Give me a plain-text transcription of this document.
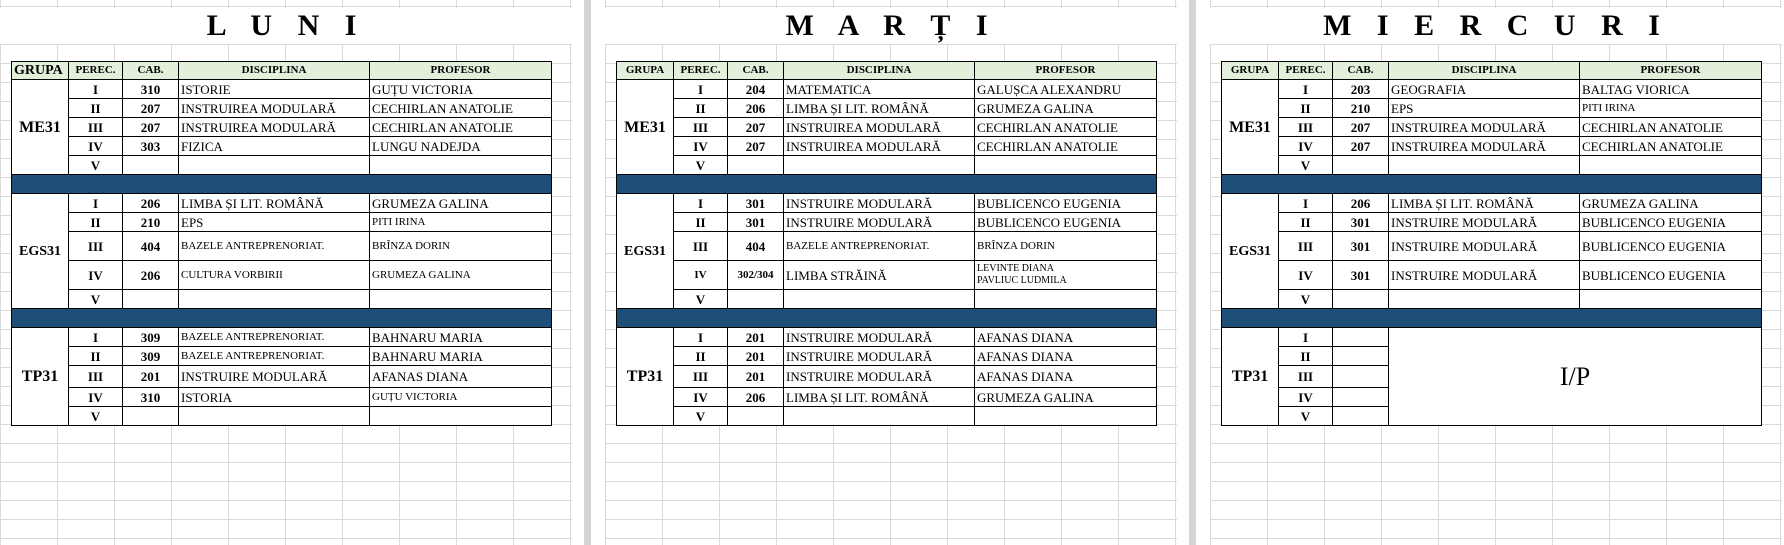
L U N I
GRUPA	PEREC.	CAB.	DISCIPLINA	PROFESOR
ME31	I	310	ISTORIE	GUȚU VICTORIA
	II	207	INSTRUIREA MODULARĂ	CECHIRLAN ANATOLIE
	III	207	INSTRUIREA MODULARĂ	CECHIRLAN ANATOLIE
	IV	303	FIZICA	LUNGU NADEJDA
	V			

EGS31	I	206	LIMBA ȘI LIT. ROMÂNĂ	GRUMEZA GALINA
	II	210	EPS	PITI IRINA
	III	404	BAZELE ANTREPRENORIAT.	BRÎNZA DORIN
	IV	206	CULTURA VORBIRII	GRUMEZA GALINA
	V			

TP31	I	309	BAZELE ANTREPRENORIAT.	BAHNARU MARIA
	II	309	BAZELE ANTREPRENORIAT.	BAHNARU MARIA
	III	201	INSTRUIRE MODULARĂ	AFANAS DIANA
	IV	310	ISTORIA	GUȚU VICTORIA
	V			
M A R Ț I
GRUPA	PEREC.	CAB.	DISCIPLINA	PROFESOR
ME31	I	204	MATEMATICA	GALUȘCA ALEXANDRU
	II	206	LIMBA ȘI LIT. ROMÂNĂ	GRUMEZA GALINA
	III	207	INSTRUIREA MODULARĂ	CECHIRLAN ANATOLIE
	IV	207	INSTRUIREA MODULARĂ	CECHIRLAN ANATOLIE
	V			

EGS31	I	301	INSTRUIRE MODULARĂ	BUBLICENCO EUGENIA
	II	301	INSTRUIRE MODULARĂ	BUBLICENCO EUGENIA
	III	404	BAZELE ANTREPRENORIAT.	BRÎNZA DORIN
	IV	302/304	LIMBA STRĂINĂ	LEVINTE DIANA
PAVLIUC LUDMILA

	V			

TP31	I	201	INSTRUIRE MODULARĂ	AFANAS DIANA
	II	201	INSTRUIRE MODULARĂ	AFANAS DIANA
	III	201	INSTRUIRE MODULARĂ	AFANAS DIANA
	IV	206	LIMBA ȘI LIT. ROMÂNĂ	GRUMEZA GALINA
	V			
M I E R C U R I
GRUPA	PEREC.	CAB.	DISCIPLINA	PROFESOR
ME31	I	203	GEOGRAFIA	BALTAG VIORICA
	II	210	EPS	PITI IRINA
	III	207	INSTRUIREA MODULARĂ	CECHIRLAN ANATOLIE
	IV	207	INSTRUIREA MODULARĂ	CECHIRLAN ANATOLIE
	V			

EGS31	I	206	LIMBA ȘI LIT. ROMÂNĂ	GRUMEZA GALINA
	II	301	INSTRUIRE MODULARĂ	BUBLICENCO EUGENIA
	III	301	INSTRUIRE MODULARĂ	BUBLICENCO EUGENIA
	IV	301	INSTRUIRE MODULARĂ	BUBLICENCO EUGENIA
	V			

TP31	I		I/P	
	II			
	III			
	IV			
	V			
